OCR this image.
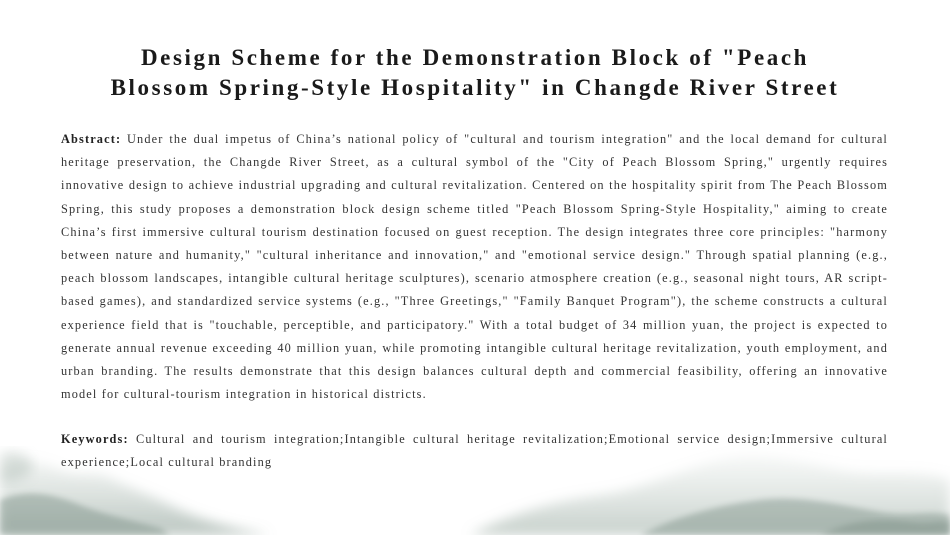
Design Scheme for the Demonstration Block of "Peach
Blossom Spring-Style Hospitality" in Changde River Street
Abstract: Under the dual impetus of China’s national policy of "cultural and tourism integration" and the local demand for cultural heritage preservation, the Changde River Street, as a cultural symbol of the "City of Peach Blossom Spring," urgently requires innovative design to achieve industrial upgrading and cultural revitalization. Centered on the hospitality spirit from The Peach Blossom Spring, this study proposes a demonstration block design scheme titled "Peach Blossom Spring-Style Hospitality," aiming to create China’s first immersive cultural tourism destination focused on guest reception. The design integrates three core principles: "harmony between nature and humanity," "cultural inheritance and innovation," and "emotional service design." Through spatial planning (e.g., peach blossom landscapes, intangible cultural heritage sculptures), scenario atmosphere creation (e.g., seasonal night tours, AR script-based games), and standardized service systems (e.g., "Three Greetings," "Family Banquet Program"), the scheme constructs a cultural experience field that is "touchable, perceptible, and participatory." With a total budget of 34 million yuan, the project is expected to generate annual revenue exceeding 40 million yuan, while promoting intangible cultural heritage revitalization, youth employment, and urban branding. The results demonstrate that this design balances cultural depth and commercial feasibility, offering an innovative model for cultural-tourism integration in historical districts.
Keywords: Cultural and tourism integration;Intangible cultural heritage revitalization;Emotional service design;Immersive cultural experience;Local cultural branding
